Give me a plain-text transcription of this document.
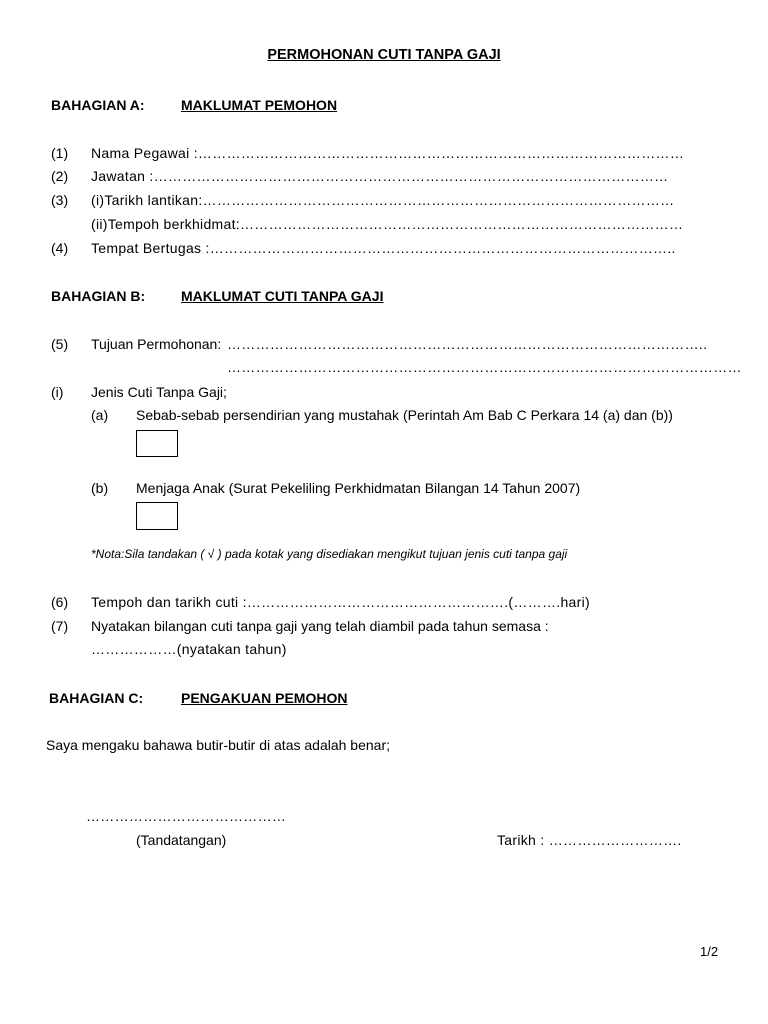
PERMOHONAN CUTI TANPA GAJI
BAHAGIAN A:	MAKLUMAT PEMOHON
(1) Nama Pegawai :…………………………………………………………………………………………
(2) Jawatan :………………………………………………………………………………………………
(3) (i)Tarikh lantikan:………………………………………………………………………………………
(ii)Tempoh berkhidmat:…………………………………………………………………………………
(4) Tempat Bertugas :……………………………………………………………………………………..
BAHAGIAN B:	MAKLUMAT CUTI TANPA GAJI
(5) Tujuan Permohonan: ………………………………………………………………………………………..
………………………………………………………………………………………………
(i) Jenis Cuti Tanpa Gaji;
(a) Sebab-sebab persendirian yang mustahak (Perintah Am Bab C Perkara 14 (a) dan (b))
(b) Menjaga Anak (Surat Pekeliling Perkhidmatan Bilangan 14 Tahun 2007)
*Nota:Sila tandakan ( √ ) pada kotak yang disediakan mengikut tujuan jenis cuti tanpa gaji
(6) Tempoh dan tarikh cuti :……………………………………………….(……….hari)
(7) Nyatakan bilangan cuti tanpa gaji yang telah diambil pada tahun semasa :
………………(nyatakan tahun)
BAHAGIAN C:	PENGAKUAN PEMOHON
Saya mengaku bahawa butir-butir di atas adalah benar;
……………………………………
(Tandatangan)	Tarikh : ……………………….
1/2
